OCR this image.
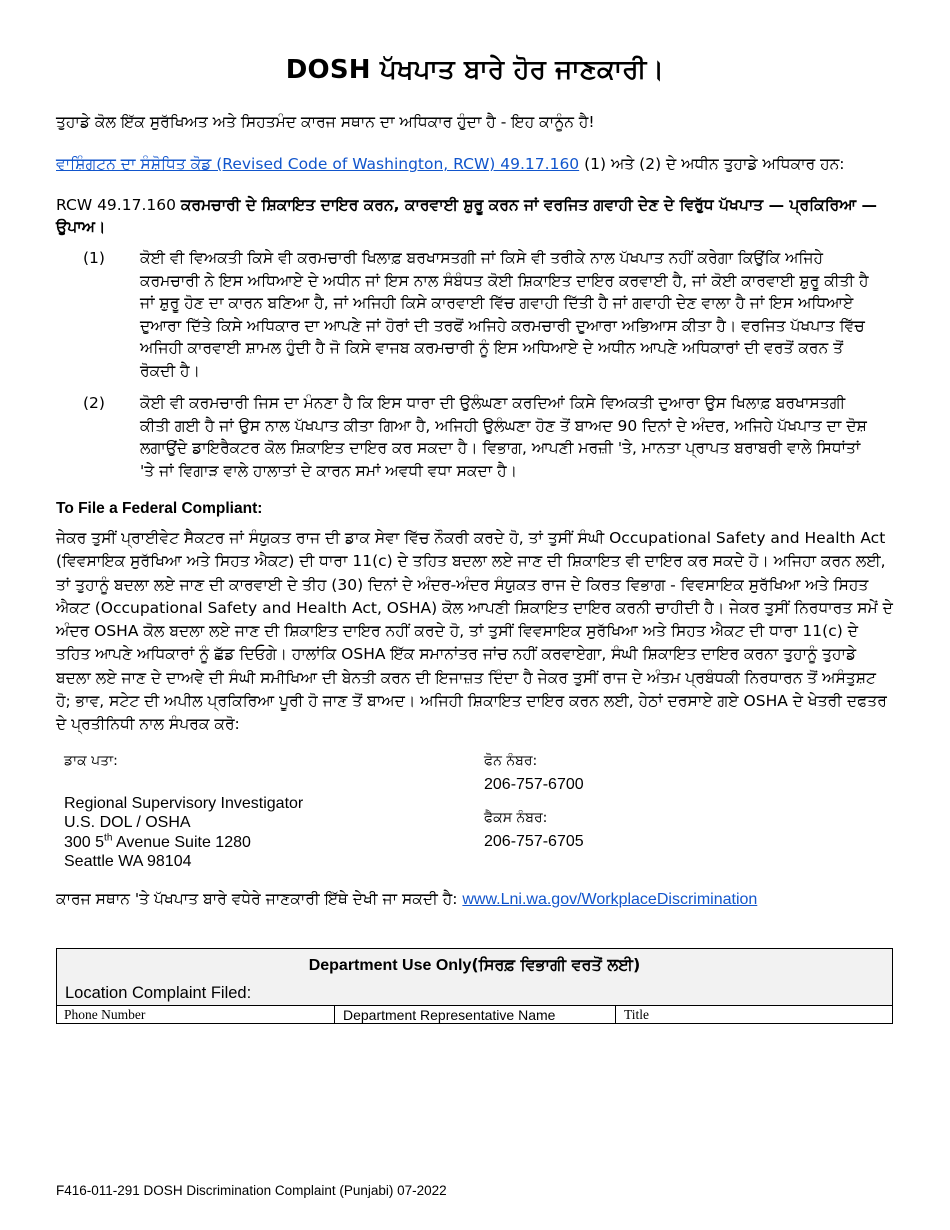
DOSH ਪੱਖਪਾਤ ਬਾਰੇ ਹੋਰ ਜਾਣਕਾਰੀ।
ਤੁਹਾਡੇ ਕੋਲ ਇੱਕ ਸੁਰੱਖਿਅਤ ਅਤੇ ਸਿਹਤਮੰਦ ਕਾਰਜ ਸਥਾਨ ਦਾ ਅਧਿਕਾਰ ਹੁੰਦਾ ਹੈ - ਇਹ ਕਾਨੂੰਨ ਹੈ!
ਵਾਸ਼ਿੰਗਟਨ ਦਾ ਸੰਸ਼ੋਧਿਤ ਕੋਡ (Revised Code of Washington, RCW) 49.17.160 (1) ਅਤੇ (2) ਦੇ ਅਧੀਨ ਤੁਹਾਡੇ ਅਧਿਕਾਰ ਹਨ:
RCW 49.17.160 ਕਰਮਚਾਰੀ ਦੇ ਸ਼ਿਕਾਇਤ ਦਾਇਰ ਕਰਨ, ਕਾਰਵਾਈ ਸ਼ੁਰੂ ਕਰਨ ਜਾਂ ਵਰਜਿਤ ਗਵਾਹੀ ਦੇਣ ਦੇ ਵਿਰੁੱਧ ਪੱਖਪਾਤ — ਪ੍ਰਕਿਰਿਆ — ਉਪਾਅ।
(1) ਕੋਈ ਵੀ ਵਿਅਕਤੀ ਕਿਸੇ ਵੀ ਕਰਮਚਾਰੀ ਖਿਲਾਫ਼ ਬਰਖਾਸਤਗੀ ਜਾਂ ਕਿਸੇ ਵੀ ਤਰੀਕੇ ਨਾਲ ਪੱਖਪਾਤ ਨਹੀਂ ਕਰੇਗਾ ਕਿਉਂਕਿ ਅਜਿਹੇ ਕਰਮਚਾਰੀ ਨੇ ਇਸ ਅਧਿਆਏ ਦੇ ਅਧੀਨ ਜਾਂ ਇਸ ਨਾਲ ਸੰਬੰਧਤ ਕੋਈ ਸ਼ਿਕਾਇਤ ਦਾਇਰ ਕਰਵਾਈ ਹੈ, ਜਾਂ ਕੋਈ ਕਾਰਵਾਈ ਸ਼ੁਰੂ ਕੀਤੀ ਹੈ ਜਾਂ ਸ਼ੁਰੂ ਹੋਣ ਦਾ ਕਾਰਨ ਬਣਿਆ ਹੈ, ਜਾਂ ਅਜਿਹੀ ਕਿਸੇ ਕਾਰਵਾਈ ਵਿੱਚ ਗਵਾਹੀ ਦਿੱਤੀ ਹੈ ਜਾਂ ਗਵਾਹੀ ਦੇਣ ਵਾਲਾ ਹੈ ਜਾਂ ਇਸ ਅਧਿਆਏ ਦੁਆਰਾ ਦਿੱਤੇ ਕਿਸੇ ਅਧਿਕਾਰ ਦਾ ਆਪਣੇ ਜਾਂ ਹੋਰਾਂ ਦੀ ਤਰਫੋਂ ਅਜਿਹੇ ਕਰਮਚਾਰੀ ਦੁਆਰਾ ਅਭਿਆਸ ਕੀਤਾ ਹੈ। ਵਰਜਿਤ ਪੱਖਪਾਤ ਵਿੱਚ ਅਜਿਹੀ ਕਾਰਵਾਈ ਸ਼ਾਮਲ ਹੁੰਦੀ ਹੈ ਜੋ ਕਿਸੇ ਵਾਜਬ ਕਰਮਚਾਰੀ ਨੂੰ ਇਸ ਅਧਿਆਏ ਦੇ ਅਧੀਨ ਆਪਣੇ ਅਧਿਕਾਰਾਂ ਦੀ ਵਰਤੋਂ ਕਰਨ ਤੋਂ ਰੋਕਦੀ ਹੈ।
(2) ਕੋਈ ਵੀ ਕਰਮਚਾਰੀ ਜਿਸ ਦਾ ਮੰਨਣਾ ਹੈ ਕਿ ਇਸ ਧਾਰਾ ਦੀ ਉਲੰਘਣਾ ਕਰਦਿਆਂ ਕਿਸੇ ਵਿਅਕਤੀ ਦੁਆਰਾ ਉਸ ਖਿਲਾਫ਼ ਬਰਖਾਸਤਗੀ ਕੀਤੀ ਗਈ ਹੈ ਜਾਂ ਉਸ ਨਾਲ ਪੱਖਪਾਤ ਕੀਤਾ ਗਿਆ ਹੈ, ਅਜਿਹੀ ਉਲੰਘਣਾ ਹੋਣ ਤੋਂ ਬਾਅਦ 90 ਦਿਨਾਂ ਦੇ ਅੰਦਰ, ਅਜਿਹੇ ਪੱਖਪਾਤ ਦਾ ਦੋਸ਼ ਲਗਾਉਂਦੇ ਡਾਇਰੈਕਟਰ ਕੋਲ ਸ਼ਿਕਾਇਤ ਦਾਇਰ ਕਰ ਸਕਦਾ ਹੈ। ਵਿਭਾਗ, ਆਪਣੀ ਮਰਜ਼ੀ 'ਤੇ, ਮਾਨਤਾ ਪ੍ਰਾਪਤ ਬਰਾਬਰੀ ਵਾਲੇ ਸਿਧਾਂਤਾਂ 'ਤੇ ਜਾਂ ਵਿਗਾੜ ਵਾਲੇ ਹਾਲਾਤਾਂ ਦੇ ਕਾਰਨ ਸਮਾਂ ਅਵਧੀ ਵਧਾ ਸਕਦਾ ਹੈ।
To File a Federal Compliant:
ਜੇਕਰ ਤੁਸੀਂ ਪ੍ਰਾਈਵੇਟ ਸੈਕਟਰ ਜਾਂ ਸੰਯੁਕਤ ਰਾਜ ਦੀ ਡਾਕ ਸੇਵਾ ਵਿੱਚ ਨੌਕਰੀ ਕਰਦੇ ਹੋ, ਤਾਂ ਤੁਸੀਂ ਸੰਘੀ Occupational Safety and Health Act (ਵਿਵਸਾਇਕ ਸੁਰੱਖਿਆ ਅਤੇ ਸਿਹਤ ਐਕਟ) ਦੀ ਧਾਰਾ 11(c) ਦੇ ਤਹਿਤ ਬਦਲਾ ਲਏ ਜਾਣ ਦੀ ਸ਼ਿਕਾਇਤ ਵੀ ਦਾਇਰ ਕਰ ਸਕਦੇ ਹੋ। ਅਜਿਹਾ ਕਰਨ ਲਈ, ਤਾਂ ਤੁਹਾਨੂੰ ਬਦਲਾ ਲਏ ਜਾਣ ਦੀ ਕਾਰਵਾਈ ਦੇ ਤੀਹ (30) ਦਿਨਾਂ ਦੇ ਅੰਦਰ-ਅੰਦਰ ਸੰਯੁਕਤ ਰਾਜ ਦੇ ਕਿਰਤ ਵਿਭਾਗ - ਵਿਵਸਾਇਕ ਸੁਰੱਖਿਆ ਅਤੇ ਸਿਹਤ ਐਕਟ (Occupational Safety and Health Act, OSHA) ਕੋਲ ਆਪਣੀ ਸ਼ਿਕਾਇਤ ਦਾਇਰ ਕਰਨੀ ਚਾਹੀਦੀ ਹੈ। ਜੇਕਰ ਤੁਸੀਂ ਨਿਰਧਾਰਤ ਸਮੇਂ ਦੇ ਅੰਦਰ OSHA ਕੋਲ ਬਦਲਾ ਲਏ ਜਾਣ ਦੀ ਸ਼ਿਕਾਇਤ ਦਾਇਰ ਨਹੀਂ ਕਰਦੇ ਹੋ, ਤਾਂ ਤੁਸੀਂ ਵਿਵਸਾਇਕ ਸੁਰੱਖਿਆ ਅਤੇ ਸਿਹਤ ਐਕਟ ਦੀ ਧਾਰਾ 11(c) ਦੇ ਤਹਿਤ ਆਪਣੇ ਅਧਿਕਾਰਾਂ ਨੂੰ ਛੱਡ ਦਿਓਗੇ। ਹਾਲਾਂਕਿ OSHA ਇੱਕ ਸਮਾਨਾਂਤਰ ਜਾਂਚ ਨਹੀਂ ਕਰਵਾਏਗਾ, ਸੰਘੀ ਸ਼ਿਕਾਇਤ ਦਾਇਰ ਕਰਨਾ ਤੁਹਾਨੂੰ ਤੁਹਾਡੇ ਬਦਲਾ ਲਏ ਜਾਣ ਦੇ ਦਾਅਵੇ ਦੀ ਸੰਘੀ ਸਮੀਖਿਆ ਦੀ ਬੇਨਤੀ ਕਰਨ ਦੀ ਇਜਾਜ਼ਤ ਦਿੰਦਾ ਹੈ ਜੇਕਰ ਤੁਸੀਂ ਰਾਜ ਦੇ ਅੰਤਮ ਪ੍ਰਬੰਧਕੀ ਨਿਰਧਾਰਨ ਤੋਂ ਅਸੰਤੁਸ਼ਟ ਹੋ; ਭਾਵ, ਸਟੇਟ ਦੀ ਅਪੀਲ ਪ੍ਰਕਿਰਿਆ ਪੂਰੀ ਹੋ ਜਾਣ ਤੋਂ ਬਾਅਦ। ਅਜਿਹੀ ਸ਼ਿਕਾਇਤ ਦਾਇਰ ਕਰਨ ਲਈ, ਹੇਠਾਂ ਦਰਸਾਏ ਗਏ OSHA ਦੇ ਖੇਤਰੀ ਦਫਤਰ ਦੇ ਪ੍ਰਤੀਨਿਧੀ ਨਾਲ ਸੰਪਰਕ ਕਰੋ:
ਡਾਕ ਪਤਾ:
Regional Supervisory Investigator
U.S. DOL / OSHA
300 5th Avenue Suite 1280
Seattle WA 98104
ਫੋਨ ਨੰਬਰ:
206-757-6700
ਫੈਕਸ ਨੰਬਰ:
206-757-6705
ਕਾਰਜ ਸਥਾਨ 'ਤੇ ਪੱਖਪਾਤ ਬਾਰੇ ਵਧੇਰੇ ਜਾਣਕਾਰੀ ਇੱਥੇ ਦੇਖੀ ਜਾ ਸਕਦੀ ਹੈ: www.Lni.wa.gov/WorkplaceDiscrimination
Department Use Only(ਸਿਰਫ਼ ਵਿਭਾਗੀ ਵਰਤੋਂ ਲਈ)
Location Complaint Filed:
Phone Number	Department Representative Name	Title
F416-011-291 DOSH Discrimination Complaint (Punjabi) 07-2022
